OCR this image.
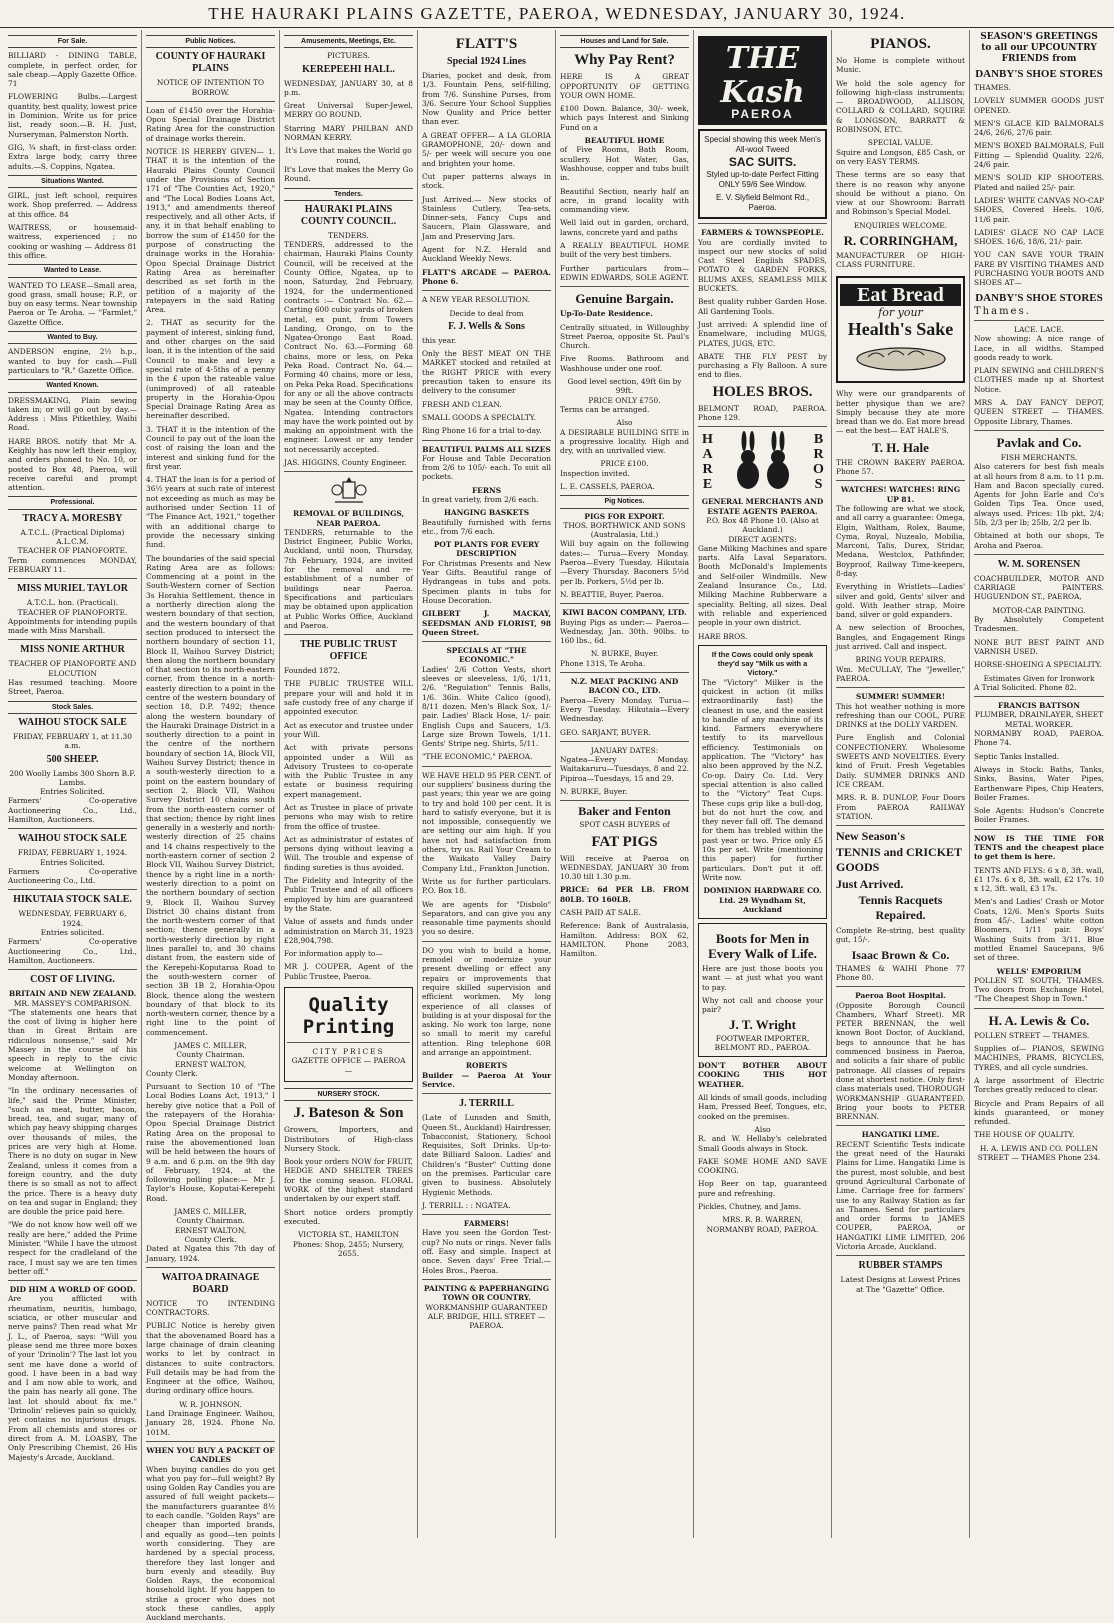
THE HAURAKI PLAINS GAZETTE, PAEROA, WEDNESDAY, JANUARY 30, 1924.
For Sale.

BILLIARD - DINING TABLE, complete, in perfect order, for sale cheap.—Apply Gazette Office. 71

FLOWERING Bulbs.—Largest quantity, best quality, lowest price in Dominion. Write us for price list, ready soon.—B. H. Just, Nurseryman, Palmerston North.

GIG, ¾ shaft, in first-class order. Extra large body, carry three adults.—S. Coppins, Ngatea.

Situations Wanted.

GIRL, just left school, requires work. Shop preferred. — Address at this office. 84

WAITRESS, or housemaid-waitress, experienced ; no cooking or washing — Address 81 this office.

Wanted to Lease.

WANTED TO LEASE—Small area, good grass, small house; R.P., or buy on easy terms. Near township Paeroa or Te Aroha. — "Farmlet," Gazette Office.

Wanted to Buy.

ANDERSON engine, 2½ h.p., wanted to buy for cash.—Full particulars to "R." Gazette Office.

Wanted Known.

DRESSMAKING, Plain sewing taken in; or will go out by day.—Address : Miss Pitkethley, Waihi Road.

HARE BROS. notify that Mr A. Keighly has now left their employ, and orders phoned to No. 10, or posted to Box 48, Paeroa, will receive careful and prompt attention.

Professional.
TRACY A. MORESBY

A.T.C.L. (Practical Diploma) A.L.C.M.

TEACHER OF PIANOFORTE.

Term commences MONDAY, FEBRUARY 11.

MISS MURIEL TAYLOR

A.T.C.L. hon. (Practical).

TEACHER OF PIANOFORTE.

Appointments for intending pupils made with Miss Marshall.

MISS NONIE ARTHUR

TEACHER OF PIANOFORTE AND ELOCUTION

Has resumed teaching. Moore Street, Paeroa.

Stock Sales.
WAIHOU STOCK SALE

FRIDAY, FEBRUARY 1, at 11.30 a.m.

500 SHEEP.

200 Woolly Lambs 300 Shorn B.F. Lambs.

Entries Solicited.

Farmers' Co-operative Auctioneering Co., Ltd., Hamilton, Auctioneers.

WAIHOU STOCK SALE

FRIDAY, FEBRUARY 1, 1924.

Entries Solicited.

Farmers Co-operative Auctioneering Co., Ltd.

HIKUTAIA STOCK SALE.

WEDNESDAY, FEBRUARY 6, 1924.

Entries solicited.

Farmers' Co-operative Auctioneering Co., Ltd., Hamilton, Auctioneers.

COST OF LIVING.

BRITAIN AND NEW ZEALAND.

MR. MASSEY'S COMPARISON.

"The statements one hears that the cost of living is higher here than in Great Britain are ridiculous nonsense," said Mr Massey in the course of his speech in reply to the civic welcome at Wellington on Monday afternoon.

"In the ordinary necessaries of life," said the Prime Minister, "such as meat, butter, bacon, bread, tea, and sugar, many of which pay heavy shipping charges over thousands of miles, the prices are very high at Home. There is no duty on sugar in New Zealand, unless it comes from a foreign country, and the duty there is so small as not to affect the price. There is a heavy duty on tea and sugar in England; they are double the price paid here.

"We do not know how well off we really are here," added the Prime Minister. "While I have the utmost respect for the cradleland of the race, I must say we are ten times better off."

DID HIM A WORLD OF GOOD.

Are you afflicted with rheumatism, neuritis, lumbago, sciatica, or other muscular and nerve pains? Then read what Mr J. L., of Paeroa, says: "Will you please send me three more boxes of your 'Drinolin'? The last lot you sent me have done a world of good. I have been in a bad way and I am now able to work, and the pain has nearly all gone. The last lot should about fix me." 'Drinolin' relieves pain so quickly, yet contains no injurious drugs. From all chemists and stores or direct from A. M. LOASBY, The Only Prescribing Chemist, 26 His Majesty's Arcade, Auckland.

Public Notices.
COUNTY OF HAURAKI PLAINS

NOTICE OF INTENTION TO BORROW.

Loan of £1450 over the Horahia-Opou Special Drainage District Rating Area for the construction of drainage works therein.

NOTICE IS HEREBY GIVEN— 1. THAT it is the intention of the Hauraki Plains County Council under the Provisions of Section 171 of "The Counties Act, 1920," and "The Local Bodies Loans Act, 1913," and amendments thereof respectively, and all other Acts, if any, it in that behalf enabling to borrow the sum of £1450 for the purpose of constructing the drainage works in the Horahia-Opou Special Drainage District Rating Area as hereinafter described as set forth in the petition of a majority of the ratepayers in the said Rating Area.

2. THAT as security for the payment of interest, sinking fund, and other charges on the said loan, it is the intention of the said Council to make and levy a special rate of 4-5ths of a penny in the £ upon the rateable value (unimproved) of all rateable property in the Horahia-Opou Special Drainage Rating Area as hereinafter described.

3. THAT it is the intention of the Council to pay out of the loan the cost of raising the loan and the interest and sinking fund for the first year.

4. THAT the loan is for a period of 36½ years at such rate of interest not exceeding as much as may be authorised under Section 11 of "The Finance Act, 1921," together with an additional charge to provide the necessary sinking fund.

The boundaries of the said special Rating Area are as follows: Commencing at a point in the South-Western corner of Section 3s Horahia Settlement, thence in a northerly direction along the western boundary of that section, and the western boundary of that section produced to intersect the northern boundary of section 11, Block II, Waihou Survey District; then along the northern boundary of that section to its north-eastern corner, from thence in a north-easterly direction to a point in the centre of the western boundary of section 18, D.P. 7492; thence along the western boundary of the Hauraki Drainage District in a southerly direction to a point in the centre of the northern boundary of section 1A, Block VII, Waihou Survey District; thence in a south-westerly direction to a point on the eastern boundary of section 2, Block VII, Waihou Survey District 10 chains south from the north-eastern corner of that section; thence by right lines generally in a westerly and north-westerly direction of 25 chains and 14 chains respectively to the north-eastern corner of section 2 Block VII, Waihou Survey District, thence by a right line in a north-westerly direction to a point on the northern boundary of section 9, Block II, Waihou Survey District 30 chains distant from the north-western corner of that section; thence generally in a north-westerly direction by right lines parallel to, and 30 chains distant from, the eastern side of the Kerepehi-Koputaroa Road to the south-western corner of section 3B 1B 2, Horahia-Opou Block, thence along the western boundary of that block to its north-western corner, thence by a right line to the point of commencement.

JAMES C. MILLER,

County Chairman.

ERNEST WALTON,

County Clerk.

Pursuant to Section 10 of "The Local Bodies Loans Act, 1913," I hereby give notice that a Poll of the ratepayers of the Horahia-Opou Special Drainage District Rating Area on the proposal to raise the abovementioned loan will be held between the hours of 9 a.m. and 6 p.m. on the 9th day of February, 1924, at the following polling place:— Mr J. Taylor's House, Koputai-Kerepehi Road.

JAMES C. MILLER,

County Chairman.

ERNEST WALTON,

County Clerk.

Dated at Ngatea this 7th day of January, 1924.

WAITOA DRAINAGE BOARD

NOTICE TO INTENDING CONTRACTORS.

PUBLIC Notice is hereby given that the abovenamed Board has a large chainage of drain cleaning works to let by contract in distances to suite contractors. Full details may be had from the Engineer at the office, Waihou, during ordinary office hours.

W. R. JOHNSON.

Land Drainage Engineer. Waihou, January 28, 1924. Phone No. 101M.

WHEN YOU BUY A PACKET OF CANDLES

When buying candles do you get what you pay for—full weight? By using Golden Ray Candles you are assured of full weight packets—the manufacturers guarantee 8½ to each candle. "Golden Rays" are cheaper than imported brands, and equally as good—ten points worth considering. They are hardened by a special process, therefore they last longer and burn evenly and steadily. Buy Golden Rays, the economical household light. If you happen to strike a grocer who does not stock these candles, apply Auckland merchants.

Amusements, Meetings, Etc.

PICTURES.

KEREPEEHI HALL.

WEDNESDAY, JANUARY 30, at 8 p.m.

Great Universal Super-Jewel, MERRY GO ROUND.

Starring MARY PHILBAN AND NORMAN KERRY.

It's Love that makes the World go round,

It's Love that makes the Merry Go Round.

Tenders.
HAURAKI PLAINS COUNTY COUNCIL.

TENDERS.

TENDERS, addressed to the chairman, Hauraki Plains County Council, will be received at the County Office, Ngatea, up to noon, Saturday, 2nd February, 1924, for the undermentioned contracts :— Contract No. 62.—Carting 600 cubic yards of broken metal, ex punt, from Towers Landing, Orongo, on to the Ngatea-Orongo East Road. Contract No. 63.—Forming 68 chains, more or less, on Peka Peka Road. Contract No. 64.—Forming 40 chains, more or less, on Peka Peka Road. Specifications for any or all the above contracts may be seen at the County Office, Ngatea. Intending contractors may have the work pointed out by making an appointment with the engineer. Lowest or any tender not necessarily accepted.

JAS. HIGGINS, County Engineer.

REMOVAL OF BUILDINGS, NEAR PAEROA.

TENDERS, returnable to the District Engineer, Public Works, Auckland, until noon, Thursday, 7th February, 1924, are invited for the removal and re-establishment of a number of buildings near Paeroa. Specifications and particulars may be obtained upon application at Public Works Office, Auckland and Paeroa.

THE PUBLIC TRUST OFFICE

Founded 1872.

THE PUBLIC TRUSTEE WILL prepare your will and hold it in safe custody free of any charge if appointed executor.

Act as executor and trustee under your Will.

Act with private persons appointed under a Will as Advisory Trustees to co-operate with the Public Trustee in any estate or business requiring expert management.

Act as Trustee in place of private persons who may wish to retire from the office of trustee.

Act as administrator of estates of persons dying without leaving a Will. The trouble and expense of finding sureties is thus avoided.

The Fidelity and Integrity of the Public Trustee and of all officers employed by him are guaranteed by the State.

Value of assets and funds under administration on March 31, 1923 £28,904,798.

For information apply to—

MR J. COUPER, Agent of the Public Trustee, Paeroa.

Quality
Printing

CITY PRICES

GAZETTE OFFICE — PAEROA —

NURSERY STOCK.
J. Bateson & Son

Growers, Importers, and Distributors of High-class Nursery Stock.

Book your orders NOW for FRUIT, HEDGE AND SHELTER TREES for the coming season. FLORAL WORK of the highest standard undertaken by our expert staff.

Short notice orders promptly executed.

VICTORIA ST., HAMILTON

Phones: Shop, 2455; Nursery, 2655.

FLATT'S
Special 1924 Lines

Diaries, pocket and desk, from 1/3. Fountain Pens, self-filling, from 7/6. Sunshine Purses, from 3/6. Secure Your School Supplies Now Quality and Price better than ever.

A GREAT OFFER— A LA GLORIA GRAMOPHONE, 20/- down and 5/- per week will secure you one and brighten your home.

Cut paper patterns always in stock.

Just Arrived.— New stocks of Stainless Cutlery, Tea-sets, Dinner-sets, Fancy Cups and Saucers, Plain Glassware, and Jam and Preserving Jars.

Agent for N.Z. Herald and Auckland Weekly News.

FLATT'S ARCADE — PAEROA. Phone 6.

A NEW YEAR RESOLUTION.

Decide to deal from

F. J. Wells & Sons

this year.

Only the BEST MEAT ON THE MARKET stocked and retailed at the RIGHT PRICE with every precaution taken to ensure its delivery to the consumer

FRESH AND CLEAN.

SMALL GOODS A SPECIALTY.

Ring Phone 16 for a trial to-day.

BEAUTIFUL PALMS ALL SIZES

For House and Table Decoration from 2/6 to 105/- each. To suit all pockets.

FERNS

In great variety, from 2/6 each.

HANGING BASKETS

Beautifully furnished with ferns etc., from 7/6 each.

POT PLANTS FOR EVERY DESCRIPTION

For Christmas Presents and New Year Gifts. Beautiful range of Hydrangeas in tubs and pots. Specimen plants in tubs for House Decoration.

GILBERT J. MACKAY, SEEDSMAN AND FLORIST, 98 Queen Street.

SPECIALS AT "THE ECONOMIC."

Ladies' 2/6 Cotton Vests, short sleeves or sleeveless, 1/6, 1/11, 2/6. "Regulation" Tennis Balls, 1/6. 36in. White Calico (good), 8/11 dozen. Men's Black Sox, 1/- pair. Ladies' Black Hose, 1/- pair. English Cups and Saucers, 1/3. Large size Brown Towels, 1/11. Gents' Stripe neg. Shirts, 5/11.

"THE ECONOMIC," PAEROA.

WE HAVE HELD 95 PER CENT. of our suppliers' business during the past years; this year we are going to try and hold 100 per cent. It is hard to satisfy everyone, but it is not impossible, consequently we are setting our aim high. If you have not had satisfaction from others, try us. Rail Your Cream to the Waikato Valley Dairy Company Ltd., Frankton Junction.

Write us for further particulars. P.O. Box 18.

We are agents for "Disbolo" Separators, and can give you any reasonable time payments should you so desire.

DO you wish to build a home, remodel or modernize your present dwelling or effect any repairs or improvements that require skilled supervision and efficient workmen. My long experience of all classes of building is at your disposal for the asking. No work too large, none so small to merit my careful attention. Ring telephone 60R and arrange an appointment.

ROBERTS

Builder — Paeroa At Your Service.

J. TERRILL

(Late of Lunsden and Smith, Queen St., Auckland) Hairdresser, Tobacconist, Stationery, School Requisites, Soft Drinks. Up-to-date Billiard Saloon. Ladies' and Children's "Buster" Cutting done on the premises. Particular care given to business. Absolutely Hygienic Methods.

J. TERRILL : : NGATEA.

FARMERS!

Have you seen the Gordon Test-cup? No nuts or rings. Never falls off. Easy and simple. Inspect at once. Seven days' Free Trial.—Holes Bros., Paeroa.

PAINTING & PAPERHANGING TOWN OR COUNTRY.

WORKMANSHIP GUARANTEED

ALF. BRIDGE, HILL STREET — PAEROA.

Houses and Land for Sale.
Why Pay Rent?

HERE IS A GREAT OPPORTUNITY OF GETTING YOUR OWN HOME.

£100 Down. Balance, 30/- week, which pays Interest and Sinking Fund on a

BEAUTIFUL HOME

of Five Rooms, Bath Room, scullery. Hot Water, Gas, Washhouse, copper and tubs built in.

Beautiful Section, nearly half an acre, in grand locality with commanding view.

Well laid out in garden, orchard, lawns, concrete yard and paths

A REALLY BEAUTIFUL HOME built of the very best timbers.

Further particulars from— EDWIN EDWARDS, SOLE AGENT.

Genuine Bargain.

Up-To-Date Residence.

Centrally situated, in Willoughby Street Paeroa, opposite St. Paul's Church.

Five Rooms. Bathroom and Washhouse under one roof.

Good level section, 49ft 6in by 99ft.

PRICE ONLY £750.

Terms can be arranged.

Also

A DESIRABLE BUILDING SITE in a progressive locality. High and dry, with an unrivalled view.

PRICE £100.

Inspection invited.

L. E. CASSELS, PAEROA.

Pig Notices.

PIGS FOR EXPORT.

THOS. BORTHWICK AND SONS (Australasia, Ltd.)

Will buy again on the following dates:— Turua—Every Monday. Paeroa—Every Tuesday. Hikutaia—Every Thursday. Baconers 5½d per lb. Porkers, 5½d per lb.

N. BEATTIE, Buyer, Paeroa.

KIWI BACON COMPANY, LTD.

Buying Pigs as under:— Paeroa—Wednesday, Jan. 30th. 90lbs. to 160 lbs., 6d.

N. BURKE, Buyer.

Phone 131S, Te Aroha.

N.Z. MEAT PACKING AND BACON CO., LTD.

Paeroa—Every Monday. Turua—Every Tuesday. Hikutaia—Every Wednesday.

GEO. SARJANT, BUYER.

JANUARY DATES:

Ngatea—Every Monday. Waitakaruru—Tuesdays, 8 and 22. Pipiroa—Tuesdays, 15 and 29.

N. BURKE, Buyer.

Baker and Fenton

SPOT CASH BUYERS of

FAT PIGS

Will receive at Paeroa on WEDNESDAY, JANUARY 30 from 10.30 till 1.30 p.m.

PRICE: 6d PER LB. FROM 80LB. TO 160LB.

CASH PAID AT SALE.

Reference: Bank of Australasia, Hamilton. Address: BOX 62, HAMILTON. Phone 2083, Hamilton.

THE Kash
PAEROA

Special showing this week Men's All-wool Tweed

SAC SUITS.

Styled up-to-date Perfect Fitting ONLY 59/6 See Window.

E. V. Slyfield Belmont Rd., Paeroa.

FARMERS & TOWNSPEOPLE.

You are cordially invited to inspect our new stocks of solid Cast Steel English SPADES, POTATO & GARDEN FORKS, BLUMS AXES, SEAMLESS MILK BUCKETS.

Best quality rubber Garden Hose. All Gardening Tools.

Just arrived: A splendid line of Enamelware, including MUGS, PLATES, JUGS, ETC.

ABATE THE FLY PEST by purchasing a Fly Balloon. A sure end to flies.

HOLES BROS.

BELMONT ROAD, PAEROA. Phone 129.

HARE	BROS

GENERAL MERCHANTS AND ESTATE AGENTS PAEROA.

P.O. Box 48 Phone 10. (Also at Auckland.)

DIRECT AGENTS:

Gane Milking Machines and spare parts. Alfa Laval Separators. Booth McDonald's Implements and Self-oiler Windmills. New Zealand Insurance Co., Ltd. Milking Machine Rubberware a speciality. Belting, all sizes. Deal with reliable and experienced people in your own district.

HARE BROS.

If the Cows could only speak they'd say "Milk us with a Victory."

The "Victory" Milker is the quickest in action (it milks extraordinarily fast) the cleanest in use, and the easiest to handle of any machine of its kind. Farmers everywhere testify to its marvellous efficiency. Testimonials on application. The "Victory" has also been approved by the N.Z. Co-op. Dairy Co. Ltd. Very special attention is also called to the "Victory" Teat Cups. These cups grip like a bull-dog, but do not hurt the cow, and they never fall off. The demand for them has trebled within the past year or two. Price only £5 10s per set. Write (mentioning this paper) for further particulars. Don't put it off. Write now.

DOMINION HARDWARE CO. Ltd. 29 Wyndham St, Auckland

Boots for Men in Every Walk of Life.

Here are just those boots you want — at just what you want to pay.

Why not call and choose your pair?

J. T. Wright

FOOTWEAR IMPORTER, BELMONT RD., PAEROA.

DON'T BOTHER ABOUT COOKING THIS HOT WEATHER.

All kinds of small goods, including Ham, Pressed Beef, Tongues, etc, cooked on the premises.

Also

R. and W. Hellaby's celebrated Small Goods always in Stock.

FAKE SOME HOME AND SAVE COOKING.

Hop Beer on tap, guaranteed pure and refreshing.

Pickles, Chutney, and Jams.

MRS. R. B. WARREN, NORMANBY ROAD, PAEROA.

PIANOS.

No Home is complete without Music.

We hold the sole agency for following high-class instruments:— BROADWOOD, ALLISON, COLLARD & COLLARD, SQUIRE & LONGSON, BARRATT & ROBINSON, ETC.

SPECIAL VALUE.

Squire and Longson, £85 Cash, or on very EASY TERMS.

These terms are so easy that there is no reason why anyone should be without a piano. On view at our Showroom: Barratt and Robinson's Special Model.

ENQUIRIES WELCOME.

R. CORRINGHAM,

MANUFACTURER OF HIGH-CLASS FURNITURE.

Eat Bread
for your
Health's Sake

Why were our grandparents of better physique than we are? Simply because they ate more bread than we do. Eat more bread — eat the best— EAT HALE'S.

T. H. Hale

THE CROWN BAKERY PAEROA. Phone 57.

WATCHES! WATCHES! RING UP 81.

The following are what we stock, and all carry a guarantee: Omega, Elgin, Waltham, Rolex, Baume, Cyma, Royal, Nuzealo, Mobilia, Marconi, Talis, Durex, Stridar, Medana, Westclox, Pathfinder, Boyproof, Railway Time-keepers, 8-day.

Everything in Wristlets—Ladies' silver and gold, Gents' silver and gold. With leather strap, Moire band, silver or gold expanders.

A new selection of Brooches, Bangles, and Engagement Rings just arrived. Call and inspect.

BRING YOUR REPAIRS.

Wm. McCULLAY, The "Jeweller," PAEROA.

SUMMER! SUMMER!

This hot weather nothing is more refreshing than our COOL, PURE DRINKS at the DOLLY VARDEN.

Pure English and Colonial CONFECTIONERY. Wholesome SWEETS AND NOVELTIES. Every kind of Fruit. Fresh Vegetables Daily. SUMMER DRINKS AND ICE CREAM.

MRS. R. B. DUNLOP, Four Doors From PAEROA RAILWAY STATION.

New Season's

TENNIS and CRICKET GOODS

Just Arrived.

Tennis Racquets Repaired.

Complete Re-string, best quality gut, 15/-.

Isaac Brown & Co.

THAMES & WAIHI Phone 77 Phone 80.

Paeroa Boot Hospital.

(Opposite Borough Council Chambers, Wharf Street). MR PETER BRENNAN, the well known Boot Doctor, of Auckland, begs to announce that he has commenced business in Paeroa, and solicits a fair share of public patronage. All classes of repairs done at shortest notice. Only first-class materials used. THOROUGH WORKMANSHIP GUARANTEED. Bring your boots to PETER BRENNAN.

HANGATIKI LIME.

RECENT Scientific Tests indicate the great need of the Hauraki Plains for Lime. Hangatiki Lime is the purest, most soluble, and best ground Agricultural Carbonate of Lime. Carriage free for farmers' use to any Railway Station as far as Thames. Send for particulars and order forms to JAMES COUPER, PAEROA, or HANGATIKI LIME LIMITED, 206 Victoria Arcade, Auckland.

RUBBER STAMPS

Latest Designs at Lowest Prices at The "Gazette" Office.

SEASON'S GREETINGS to all our UPCOUNTRY FRIENDS from

DANBY'S SHOE STORES

THAMES.

LOVELY SUMMER GOODS JUST OPENED.

MEN'S GLACE KID BALMORALS 24/6, 26/6, 27/6 pair.

MEN'S BOXED BALMORALS, Full Fitting — Splendid Quality. 22/6, 24/6 pair.

MEN'S SOLID KIP SHOOTERS. Plated and nailed 25/- pair.

LADIES' WHITE CANVAS NO-CAP SHOES, Covered Heels. 10/6, 11/6 pair.

LADIES' GLACE NO CAP LACE SHOES. 16/6, 18/6, 21/- pair.

YOU CAN SAVE YOUR TRAIN FARE BY VISITING THAMES AND PURCHASING YOUR BOOTS AND SHOES AT—

DANBY'S SHOE STORES

Thames.

LACE. LACE.

Now showing: A nice range of Lace, in all widths. Stamped goods ready to work.

PLAIN SEWING and CHILDREN'S CLOTHES made up at Shortest Notice.

MRS A. DAY FANCY DEPOT, QUEEN STREET — THAMES. Opposite Library, Thames.

Pavlak and Co.

FISH MERCHANTS.

Also caterers for best fish meals at all hours from 8 a.m. to 11 p.m. Ham and Bacon specially cured. Agents for John Earle and Co's Golden Tips Tea. Once used, always used. Prices: 1lb pkt, 2/4; 5lb, 2/3 per lb; 25lb, 2/2 per lb.

Obtained at both our shops, Te Aroha and Paeroa.

W. M. SORENSEN

COACHBUILDER, MOTOR AND CARRIAGE PAINTERS. HUGUENDON ST., PAEROA,

MOTOR-CAR PAINTING.

By Absolutely Competent Tradesmen.

NONE BUT BEST PAINT AND VARNISH USED.

HORSE-SHOEING A SPECIALITY.

Estimates Given for Ironwork

A Trial Solicited. Phone 82.

FRANCIS BATTSON

PLUMBER, DRAINLAYER, SHEET METAL WORKER.

NORMANBY ROAD, PAEROA. Phone 74.

Septic Tanks Installed.

Always in Stock: Baths, Tanks, Sinks, Basins, Water Pipes, Earthenware Pipes, Chip Heaters, Boiler Frames.

Sole Agents: Hudson's Concrete Boiler Frames.

NOW IS THE TIME FOR TENTS and the cheapest place to get them is here.

TENTS AND FLYS: 6 x 8, 3ft. wall, £1 17s. 6 x 8, 3ft. wall, £2 17s. 10 x 12, 3ft. wall, £3 17s.

Men's and Ladies' Crash or Motor Coats, 12/6. Men's Sports Suits from 45/-. Ladies' white cotton Bloomers, 1/11 pair. Boys' Washing Suits from 3/11. Blue mottled Enamel Saucepans, 9/6 set of three.

WELLS' EMPORIUM

POLLEN ST. SOUTH, THAMES. Two doors from Exchange Hotel, "The Cheapest Shop in Town."

H. A. Lewis & Co.

POLLEN STREET — THAMES.

Supplies of— PIANOS, SEWING MACHINES, PRAMS, BICYCLES, TYRES, and all cycle sundries.

A large assortment of Electric Torches greatly reduced to clear.

Bicycle and Pram Repairs of all kinds guaranteed, or money refunded.

THE HOUSE OF QUALITY.

H. A. LEWIS AND CO. POLLEN STREET — THAMES Phone 234.
